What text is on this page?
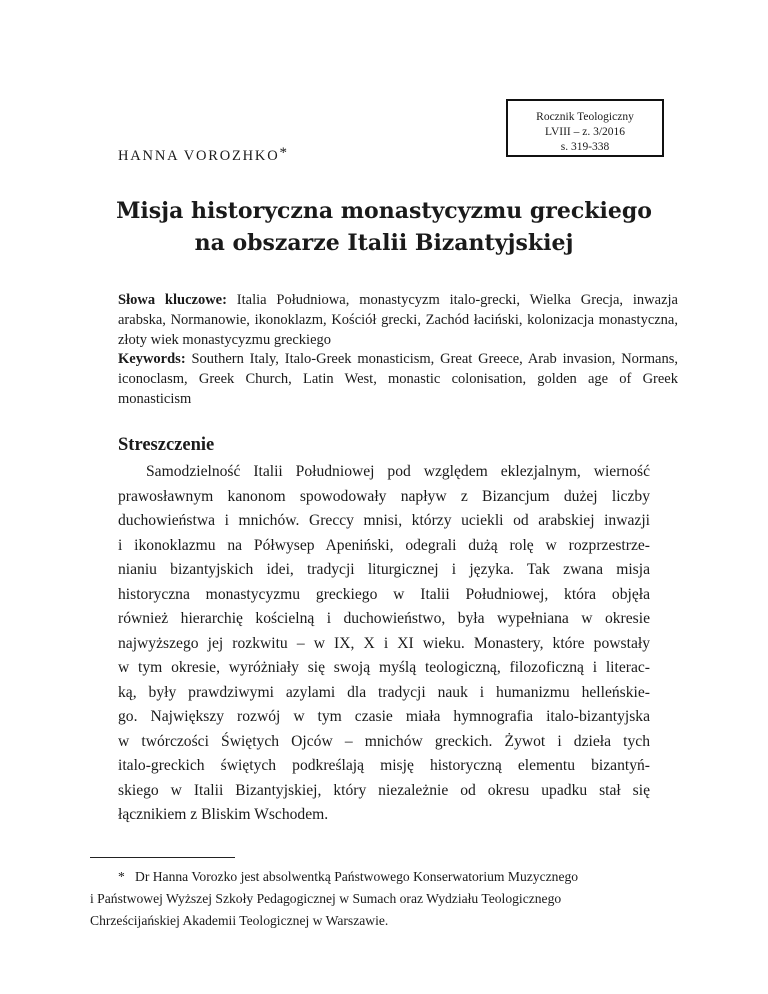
Rocznik Teologiczny
LVIII – z. 3/2016
s. 319-338
HANNA VOROZHKO*
Misja historyczna monastycyzmu greckiego
na obszarze Italii Bizantyjskiej
Słowa kluczowe: Italia Południowa, monastycyzm italo-grecki, Wielka Grecja, inwazja arabska, Normanowie, ikonoklazm, Kościół grecki, Zachód łaciński, kolonizacja monastyczna, złoty wiek monastycyzmu greckiego
Keywords: Southern Italy, Italo-Greek monasticism, Great Greece, Arab invasion, Normans, iconoclasm, Greek Church, Latin West, monastic colonisation, golden age of Greek monasticism
Streszczenie
Samodzielność Italii Południowej pod względem eklezjalnym, wierność
prawosławnym kanonom spowodowały napływ z Bizancjum dużej liczby
duchowieństwa i mnichów. Greccy mnisi, którzy uciekli od arabskiej inwazji
i ikonoklazmu na Półwysep Apeniński, odegrali dużą rolę w rozprzestrze-
nianiu bizantyjskich idei, tradycji liturgicznej i języka. Tak zwana misja
historyczna monastycyzmu greckiego w Italii Południowej, która objęła
również hierarchię kościelną i duchowieństwo, była wypełniana w okresie
najwyższego jej rozkwitu – w IX, X i XI wieku. Monastery, które powstały
w tym okresie, wyróżniały się swoją myślą teologiczną, filozoficzną i literac-
ką, były prawdziwymi azylami dla tradycji nauk i humanizmu helleńskie-
go. Największy rozwój w tym czasie miała hymnografia italo-bizantyjska
w twórczości Świętych Ojców – mnichów greckich. Żywot i dzieła tych
italo-greckich świętych podkreślają misję historyczną elementu bizantyń-
skiego w Italii Bizantyjskiej, który niezależnie od okresu upadku stał się
łącznikiem z Bliskim Wschodem.
* Dr Hanna Vorozko jest absolwentką Państwowego Konserwatorium Muzycznego
i Państwowej Wyższej Szkoły Pedagogicznej w Sumach oraz Wydziału Teologicznego
Chrześcijańskiej Akademii Teologicznej w Warszawie.
